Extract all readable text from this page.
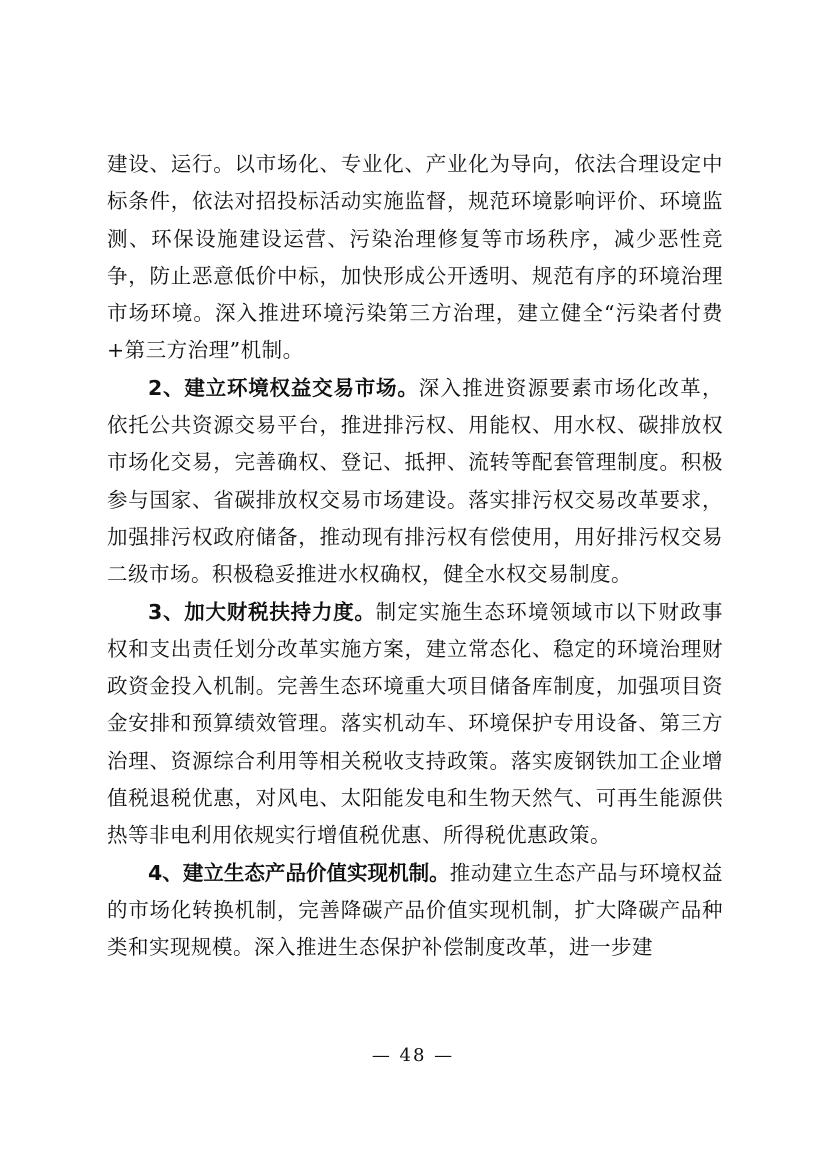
建设、运行。以市场化、专业化、产业化为导向，依法合理设定中标条件，依法对招投标活动实施监督，规范环境影响评价、环境监测、环保设施建设运营、污染治理修复等市场秩序，减少恶性竞争，防止恶意低价中标，加快形成公开透明、规范有序的环境治理市场环境。深入推进环境污染第三方治理，建立健全“污染者付费+第三方治理”机制。

2、建立环境权益交易市场。深入推进资源要素市场化改革，依托公共资源交易平台，推进排污权、用能权、用水权、碳排放权市场化交易，完善确权、登记、抵押、流转等配套管理制度。积极参与国家、省碳排放权交易市场建设。落实排污权交易改革要求，加强排污权政府储备，推动现有排污权有偿使用，用好排污权交易二级市场。积极稳妥推进水权确权，健全水权交易制度。

3、加大财税扶持力度。制定实施生态环境领域市以下财政事权和支出责任划分改革实施方案，建立常态化、稳定的环境治理财政资金投入机制。完善生态环境重大项目储备库制度，加强项目资金安排和预算绩效管理。落实机动车、环境保护专用设备、第三方治理、资源综合利用等相关税收支持政策。落实废钢铁加工企业增值税退税优惠，对风电、太阳能发电和生物天然气、可再生能源供热等非电利用依规实行增值税优惠、所得税优惠政策。

4、建立生态产品价值实现机制。推动建立生态产品与环境权益的市场化转换机制，完善降碳产品价值实现机制，扩大降碳产品种类和实现规模。深入推进生态保护补偿制度改革，进一步建

— 48 —
